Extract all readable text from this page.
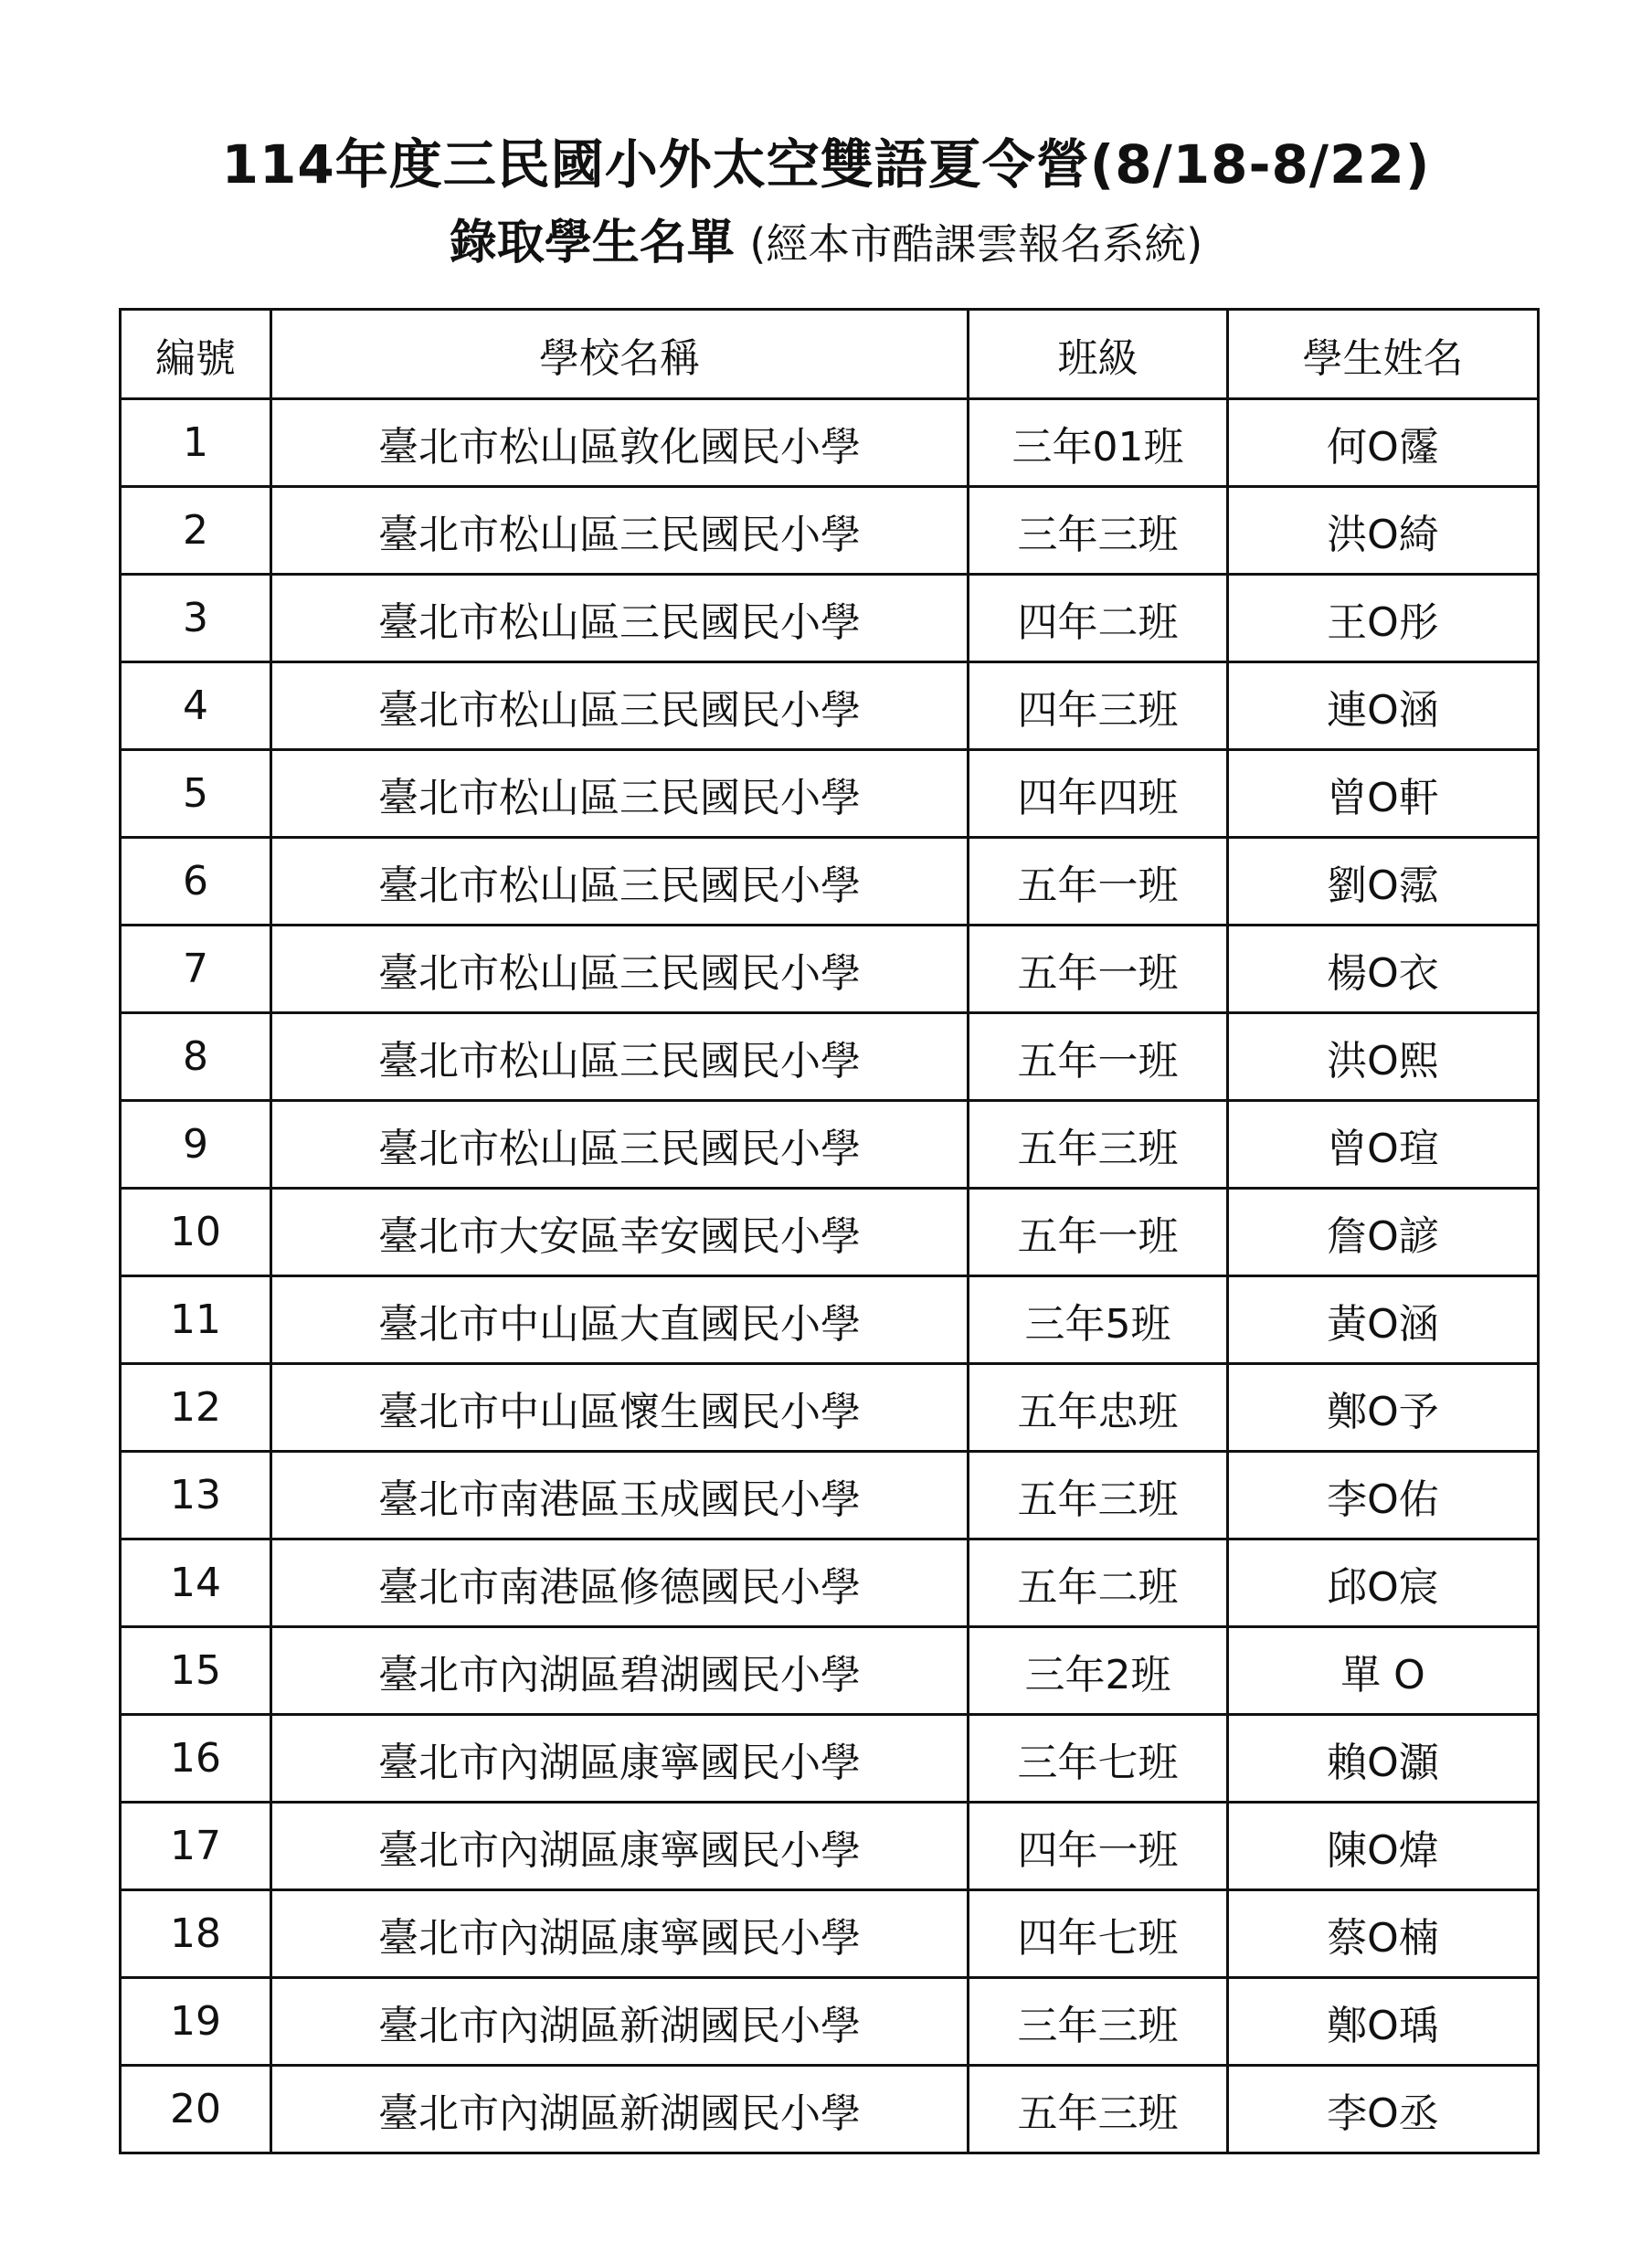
114年度三民國小外太空雙語夏令營(8/18-8/22)
錄取學生名單 (經本市酷課雲報名系統)
編號	學校名稱	班級	學生姓名
1	臺北市松山區敦化國民小學	三年01班	何O霳
2	臺北市松山區三民國民小學	三年三班	洪O綺
3	臺北市松山區三民國民小學	四年二班	王O彤
4	臺北市松山區三民國民小學	四年三班	連O涵
5	臺北市松山區三民國民小學	四年四班	曾O軒
6	臺北市松山區三民國民小學	五年一班	劉O霐
7	臺北市松山區三民國民小學	五年一班	楊O衣
8	臺北市松山區三民國民小學	五年一班	洪O熙
9	臺北市松山區三民國民小學	五年三班	曾O瑄
10	臺北市大安區幸安國民小學	五年一班	詹O諺
11	臺北市中山區大直國民小學	三年5班	黃O涵
12	臺北市中山區懷生國民小學	五年忠班	鄭O予
13	臺北市南港區玉成國民小學	五年三班	李O佑
14	臺北市南港區修德國民小學	五年二班	邱O宸
15	臺北市內湖區碧湖國民小學	三年2班	單 O
16	臺北市內湖區康寧國民小學	三年七班	賴O灝
17	臺北市內湖區康寧國民小學	四年一班	陳O煒
18	臺北市內湖區康寧國民小學	四年七班	蔡O楠
19	臺北市內湖區新湖國民小學	三年三班	鄭O瑀
20	臺北市內湖區新湖國民小學	五年三班	李O丞
